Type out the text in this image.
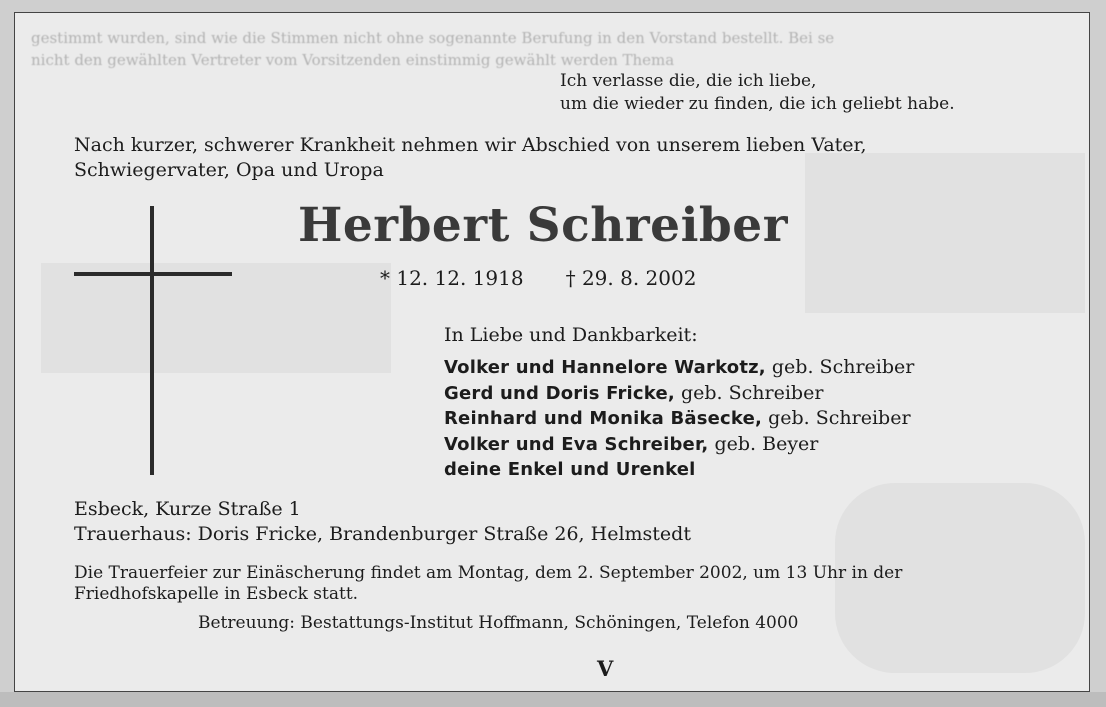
gestimmt wurden, sind wie die Stimmen nicht ohne sogenannte Berufung in den Vorstand bestellt. Bei se
nicht den gewählten Vertreter vom Vorsitzenden einstimmig gewählt werden Thema
Ich verlasse die, die ich liebe,
um die wieder zu finden, die ich geliebt habe.
Nach kurzer, schwerer Krankheit nehmen wir Abschied von unserem lieben Vater,
Schwiegervater, Opa und Uropa
Herbert Schreiber
* 12. 12. 1918 † 29. 8. 2002
In Liebe und Dankbarkeit:
Volker und Hannelore Warkotz, geb. Schreiber
Gerd und Doris Fricke, geb. Schreiber
Reinhard und Monika Bäsecke, geb. Schreiber
Volker und Eva Schreiber, geb. Beyer
deine Enkel und Urenkel
Esbeck, Kurze Straße 1
Trauerhaus: Doris Fricke, Brandenburger Straße 26, Helmstedt
Die Trauerfeier zur Einäscherung findet am Montag, dem 2. September 2002, um 13 Uhr in der
Friedhofskapelle in Esbeck statt.
Betreuung: Bestattungs-Institut Hoffmann, Schöningen, Telefon 4000
V
